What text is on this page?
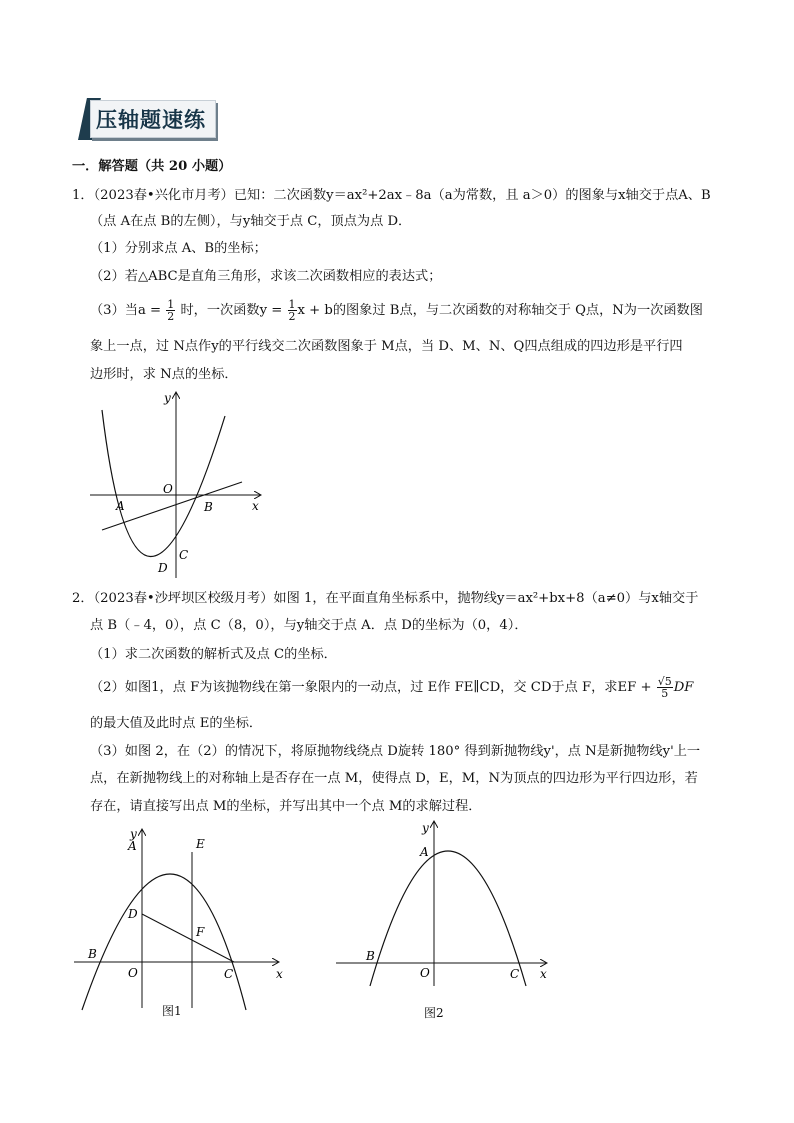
压轴题速练
一．解答题（共 20 小题）
1．（2023春•兴化市月考）已知：二次函数y＝ax²+2ax﹣8a（a为常数，且 a＞0）的图象与x轴交于点A、B
（点 A在点 B的左侧），与y轴交于点 C，顶点为点 D．
（1）分别求点 A、B的坐标；
（2）若△ABC是直角三角形，求该二次函数相应的表达式；
（3）当$a = \frac{1}{2}$ 时，一次函数$y = \frac{1}{2}$ x + b的图象过 B点，与二次函数的对称轴交于 Q点，N为一次函数图
象上一点，过 N点作y的平行线交二次函数图象于 M点，当 D、M、N、Q四点组成的四边形是平行四
边形时，求 N点的坐标．
y
x
O
A	B
C
D
2．（2023春•沙坪坝区校级月考）如图 1，在平面直角坐标系中，抛物线y＝ax²+bx+8（a≠0）与x轴交于
点 B（﹣4，0），点 C（8，0），与y轴交于点 A．点 D的坐标为（0，4）．
（1）求二次函数的解析式及点 C的坐标．
（2）如图1，点 F为该抛物线在第一象限内的一动点，过 E作 FE∥CD，交 CD于点 F，求EF + $\frac{√5}{5}$ DF
的最大值及此时点 E的坐标．
（3）如图 2，在（2）的情况下，将原抛物线绕点 D旋转 180° 得到新抛物线y'，点 N是新抛物线y'上一
点，在新抛物线上的对称轴上是否存在一点 M，使得点 D，E，M，N为顶点的四边形为平行四边形，若
存在，请直接写出点 M的坐标，并写出其中一个点 M的求解过程．
y
x
A	E
D
F
B
O	C
图1
y
x
A
B
O	C
图2
